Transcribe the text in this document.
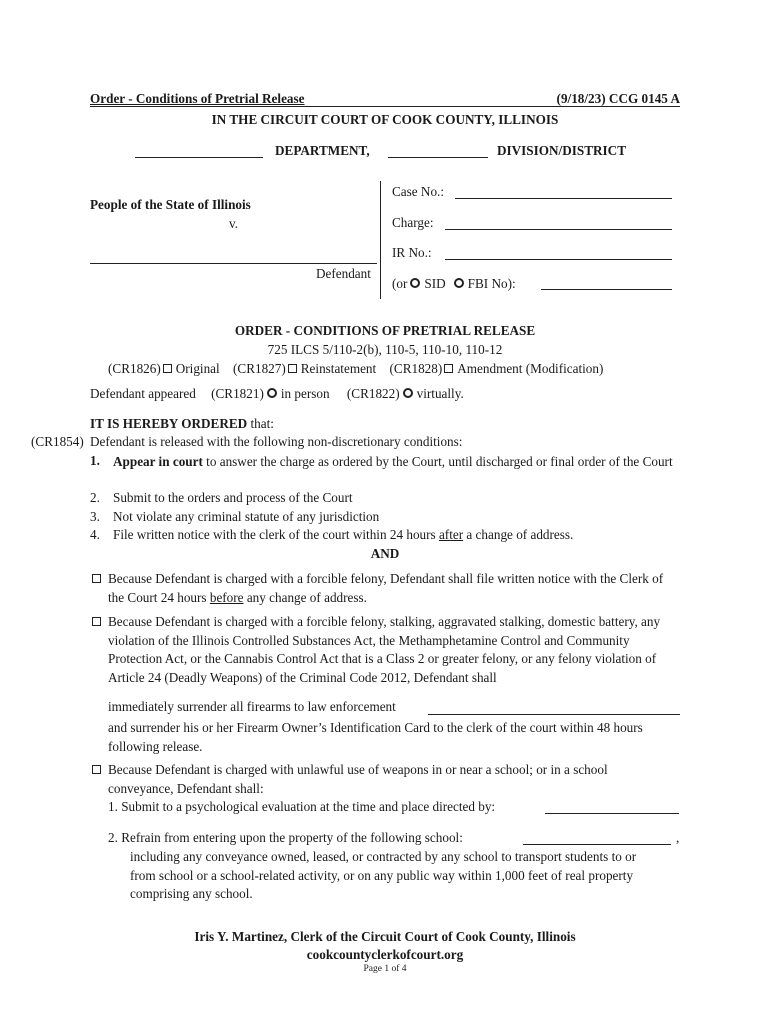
Order - Conditions of Pretrial Release	(9/18/23) CCG 0145 A
IN THE CIRCUIT COURT OF COOK COUNTY, ILLINOIS
DEPARTMENT,	DIVISION/DISTRICT
People of the State of Illinois
v.
Defendant
Case No.:
Charge:
IR No.:
(or SID FBI No):
ORDER - CONDITIONS OF PRETRIAL RELEASE
725 ILCS 5/110-2(b), 110-5, 110-10, 110-12
(CR1826) Original (CR1827) Reinstatement (CR1828) Amendment (Modification)
Defendant appeared (CR1821) in person (CR1822) virtually.
IT IS HEREBY ORDERED that:
(CR1854) Defendant is released with the following non-discretionary conditions:
1. Appear in court to answer the charge as ordered by the Court, until discharged or final order of the Court
2. Submit to the orders and process of the Court
3. Not violate any criminal statute of any jurisdiction
4. File written notice with the clerk of the court within 24 hours after a change of address.
AND
Because Defendant is charged with a forcible felony, Defendant shall file written notice with the Clerk of the Court 24 hours before any change of address.
Because Defendant is charged with a forcible felony, stalking, aggravated stalking, domestic battery, any violation of the Illinois Controlled Substances Act, the Methamphetamine Control and Community Protection Act, or the Cannabis Control Act that is a Class 2 or greater felony, or any felony violation of Article 24 (Deadly Weapons) of the Criminal Code 2012, Defendant shall
immediately surrender all firearms to law enforcement
and surrender his or her Firearm Owner’s Identification Card to the clerk of the court within 48 hours following release.
Because Defendant is charged with unlawful use of weapons in or near a school; or in a school conveyance, Defendant shall:
1. Submit to a psychological evaluation at the time and place directed by:
2. Refrain from entering upon the property of the following school:	,
including any conveyance owned, leased, or contracted by any school to transport students to or from school or a school-related activity, or on any public way within 1,000 feet of real property comprising any school.
Iris Y. Martinez, Clerk of the Circuit Court of Cook County, Illinois
cookcountyclerkofcourt.org
Page 1 of 4
